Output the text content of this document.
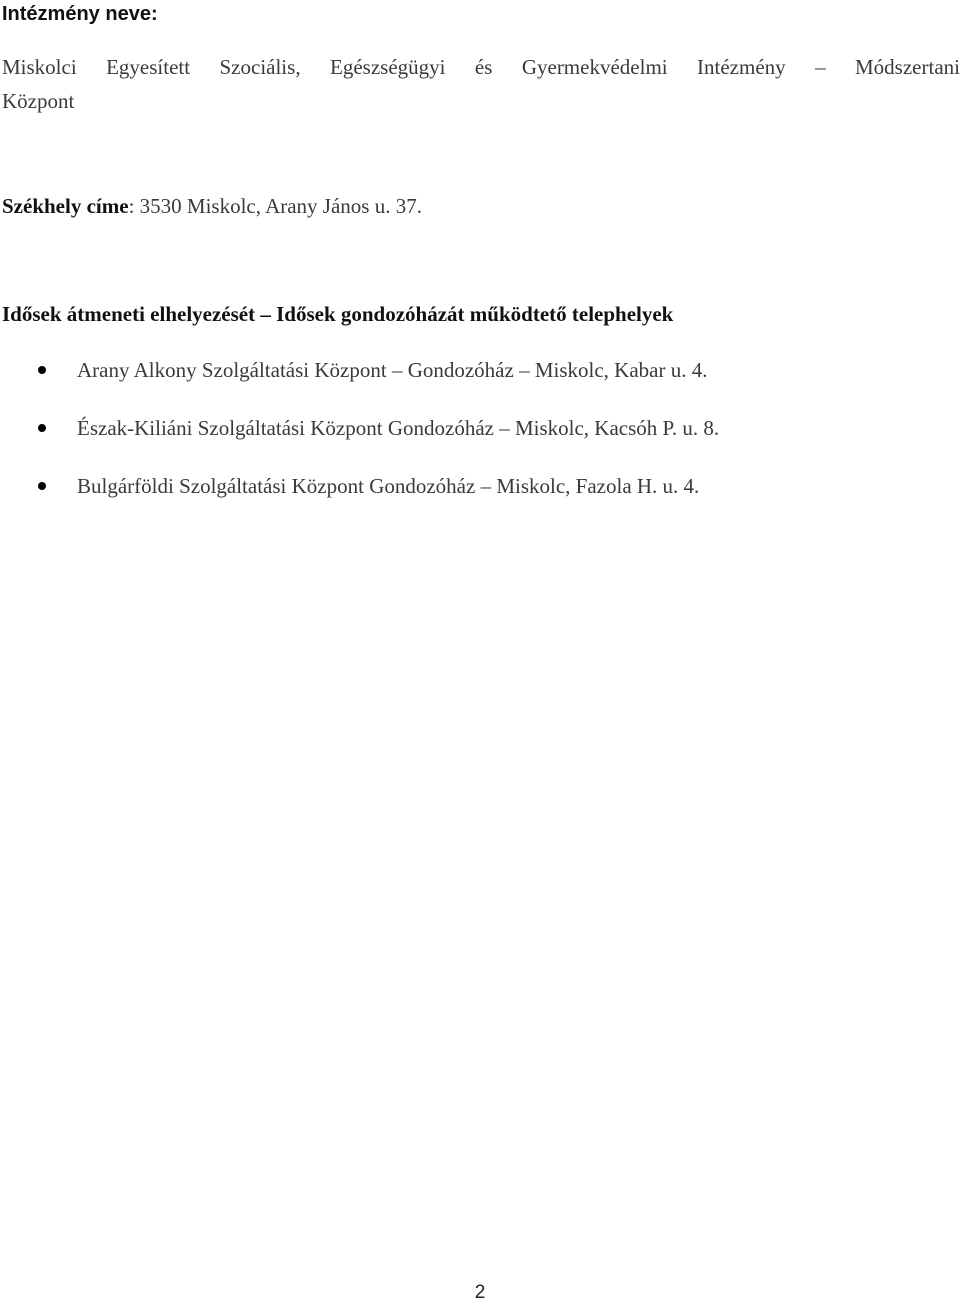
Intézmény neve:
Miskolci Egyesített Szociális, Egészségügyi és Gyermekvédelmi Intézmény – Módszertani
Központ

Székhely címe: 3530 Miskolc, Arany János u. 37.

Idősek átmeneti elhelyezését – Idősek gondozóházát működtető telephelyek
Arany Alkony Szolgáltatási Központ – Gondozóház – Miskolc, Kabar u. 4.
Észak-Kiliáni Szolgáltatási Központ Gondozóház – Miskolc, Kacsóh P. u. 8.
Bulgárföldi Szolgáltatási Központ Gondozóház – Miskolc, Fazola H. u. 4.

2
